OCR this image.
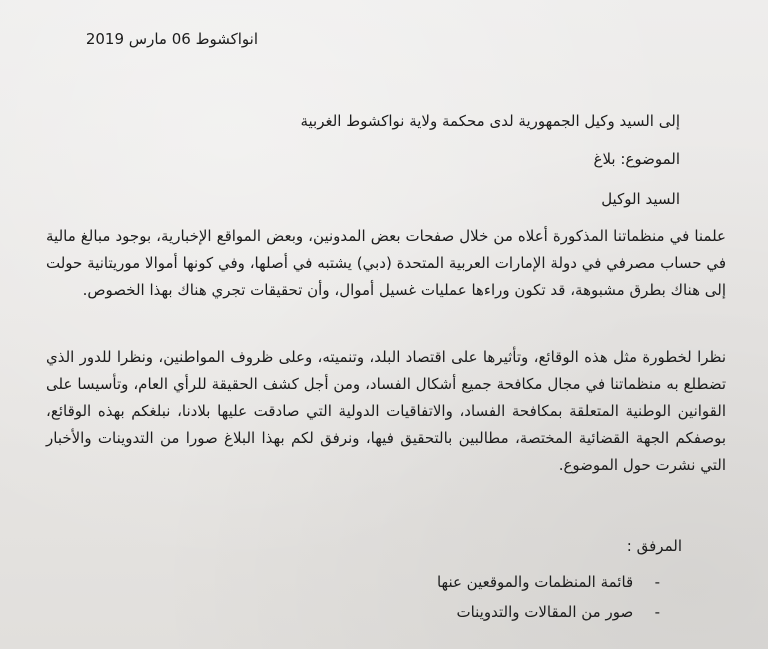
انواكشوط 06 مارس 2019
إلى السيد وكيل الجمهورية لدى محكمة ولاية نواكشوط الغربية
الموضوع: بلاغ
السيد الوكيل
علمنا في منظماتنا المذكورة أعلاه من خلال صفحات بعض المدونين، وبعض المواقع الإخبارية، بوجود مبالغ مالية في حساب مصرفي في دولة الإمارات العربية المتحدة (دبي) يشتبه في أصلها، وفي كونها أموالا موريتانية حولت إلى هناك بطرق مشبوهة، قد تكون وراءها عمليات غسيل أموال، وأن تحقيقات تجري هناك بهذا الخصوص.
نظرا لخطورة مثل هذه الوقائع، وتأثيرها على اقتصاد البلد، وتنميته، وعلى ظروف المواطنين، ونظرا للدور الذي تضطلع به منظماتنا في مجال مكافحة جميع أشكال الفساد، ومن أجل كشف الحقيقة للرأي العام، وتأسيسا على القوانين الوطنية المتعلقة بمكافحة الفساد، والاتفاقيات الدولية التي صادقت عليها بلادنا، نبلغكم بهذه الوقائع، بوصفكم الجهة القضائية المختصة، مطالبين بالتحقيق فيها، ونرفق لكم بهذا البلاغ صورا من التدوينات والأخبار التي نشرت حول الموضوع.
المرفق :
- قائمة المنظمات والموقعين عنها
- صور من المقالات والتدوينات
